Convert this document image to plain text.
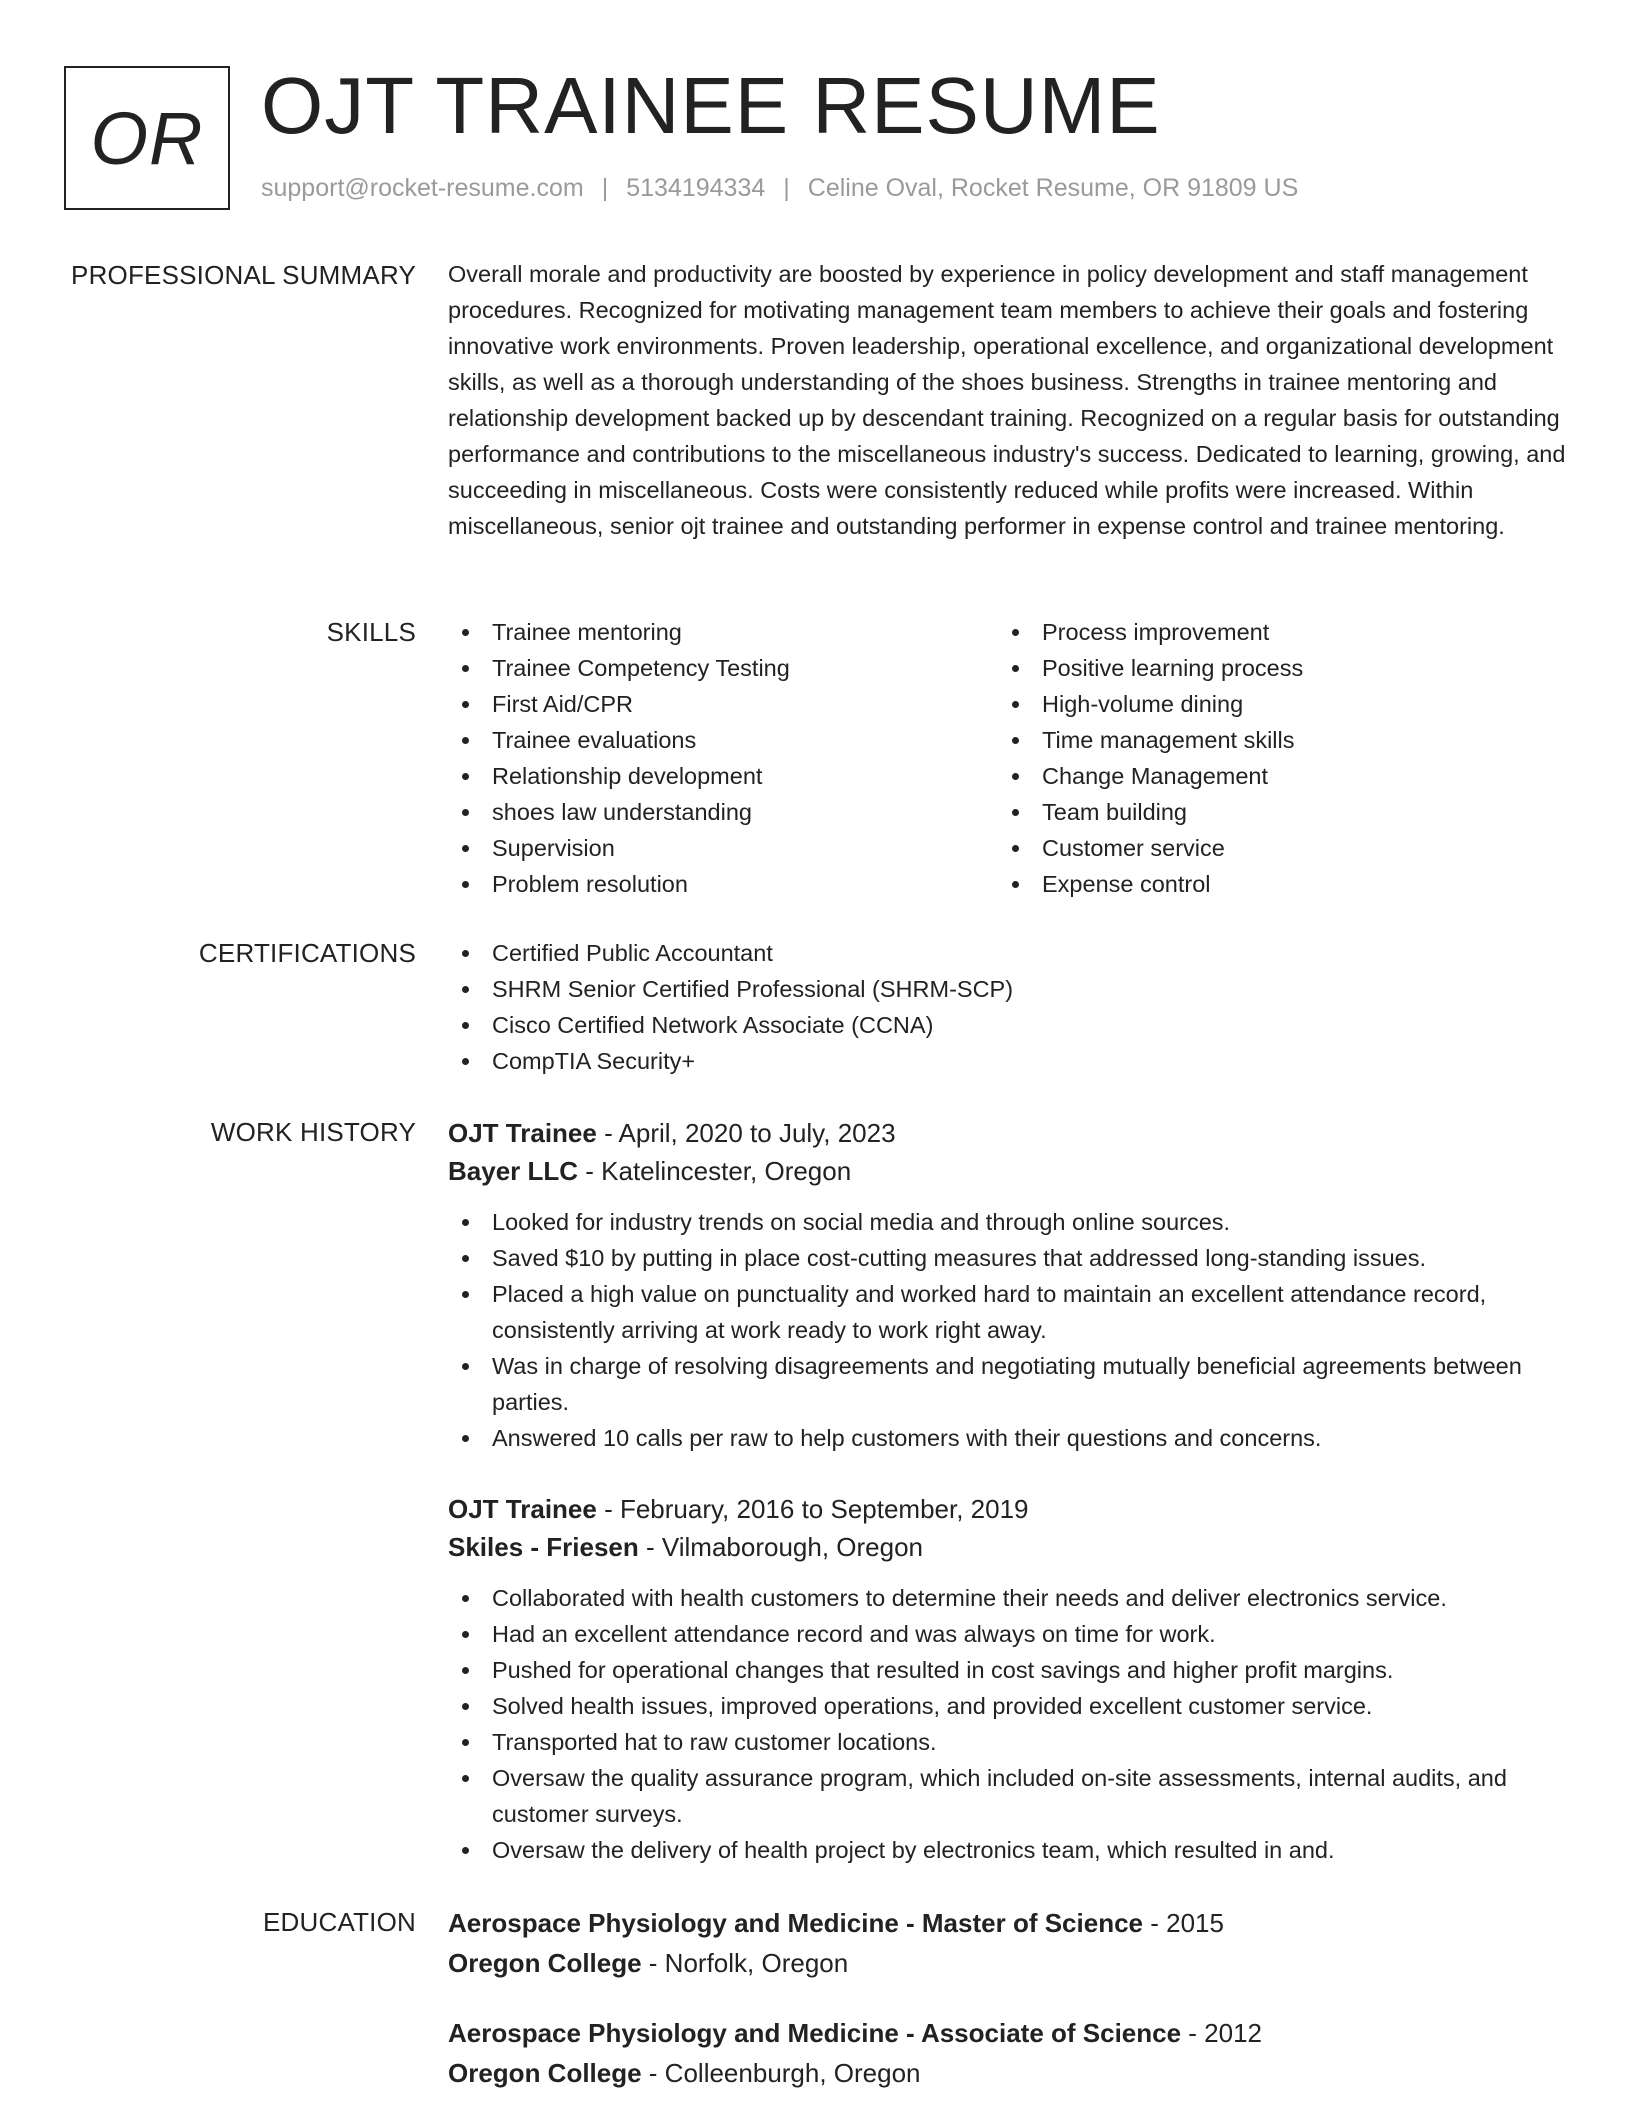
OR OJT TRAINEE RESUME
support@rocket-resume.com | 5134194334 | Celine Oval, Rocket Resume, OR 91809 US
PROFESSIONAL SUMMARY Overall morale and productivity are boosted by experience in policy development and staff management procedures. Recognized for motivating management team members to achieve their goals and fostering innovative work environments. Proven leadership, operational excellence, and organizational development skills, as well as a thorough understanding of the shoes business. Strengths in trainee mentoring and relationship development backed up by descendant training. Recognized on a regular basis for outstanding performance and contributions to the miscellaneous industry's success. Dedicated to learning, growing, and succeeding in miscellaneous. Costs were consistently reduced while profits were increased. Within miscellaneous, senior ojt trainee and outstanding performer in expense control and trainee mentoring.
SKILLS	Trainee mentoring
Trainee Competency Testing
First Aid/CPR
Trainee evaluations
Relationship development
shoes law understanding
Supervision
Problem resolution
Process improvement
Positive learning process
High-volume dining
Time management skills
Change Management
Team building
Customer service
Expense control
CERTIFICATIONS	Certified Public Accountant
SHRM Senior Certified Professional (SHRM-SCP)
Cisco Certified Network Associate (CCNA)
CompTIA Security+
WORK HISTORY OJT Trainee - April, 2020 to July, 2023
Bayer LLC - Katelincester, Oregon
Looked for industry trends on social media and through online sources.
Saved $10 by putting in place cost-cutting measures that addressed long-standing issues.
Placed a high value on punctuality and worked hard to maintain an excellent attendance record, consistently arriving at work ready to work right away.
Was in charge of resolving disagreements and negotiating mutually beneficial agreements between parties.
Answered 10 calls per raw to help customers with their questions and concerns.
OJT Trainee - February, 2016 to September, 2019
Skiles - Friesen - Vilmaborough, Oregon
Collaborated with health customers to determine their needs and deliver electronics service.
Had an excellent attendance record and was always on time for work.
Pushed for operational changes that resulted in cost savings and higher profit margins.
Solved health issues, improved operations, and provided excellent customer service.
Transported hat to raw customer locations.
Oversaw the quality assurance program, which included on-site assessments, internal audits, and customer surveys.
Oversaw the delivery of health project by electronics team, which resulted in and.
EDUCATION Aerospace Physiology and Medicine - Master of Science - 2015
Oregon College - Norfolk, Oregon
Aerospace Physiology and Medicine - Associate of Science - 2012
Oregon College - Colleenburgh, Oregon
